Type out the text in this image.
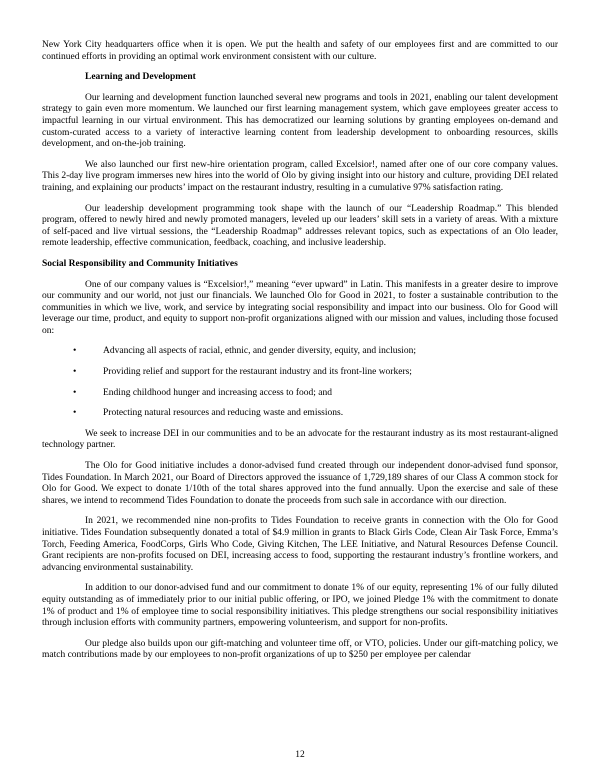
New York City headquarters office when it is open. We put the health and safety of our employees first and are committed to our continued efforts in providing an optimal work environment consistent with our culture.
Learning and Development
Our learning and development function launched several new programs and tools in 2021, enabling our talent development strategy to gain even more momentum. We launched our first learning management system, which gave employees greater access to impactful learning in our virtual environment. This has democratized our learning solutions by granting employees on-demand and custom-curated access to a variety of interactive learning content from leadership development to onboarding resources, skills development, and on-the-job training.
We also launched our first new-hire orientation program, called Excelsior!, named after one of our core company values. This 2-day live program immerses new hires into the world of Olo by giving insight into our history and culture, providing DEI related training, and explaining our products’ impact on the restaurant industry, resulting in a cumulative 97% satisfaction rating.
Our leadership development programming took shape with the launch of our “Leadership Roadmap.” This blended program, offered to newly hired and newly promoted managers, leveled up our leaders’ skill sets in a variety of areas. With a mixture of self-paced and live virtual sessions, the “Leadership Roadmap” addresses relevant topics, such as expectations of an Olo leader, remote leadership, effective communication, feedback, coaching, and inclusive leadership.
Social Responsibility and Community Initiatives
One of our company values is “Excelsior!,” meaning “ever upward” in Latin. This manifests in a greater desire to improve our community and our world, not just our financials. We launched Olo for Good in 2021, to foster a sustainable contribution to the communities in which we live, work, and service by integrating social responsibility and impact into our business. Olo for Good will leverage our time, product, and equity to support non-profit organizations aligned with our mission and values, including those focused on:
•	Advancing all aspects of racial, ethnic, and gender diversity, equity, and inclusion;
•	Providing relief and support for the restaurant industry and its front-line workers;
•	Ending childhood hunger and increasing access to food; and
•	Protecting natural resources and reducing waste and emissions.
We seek to increase DEI in our communities and to be an advocate for the restaurant industry as its most restaurant-aligned technology partner.
The Olo for Good initiative includes a donor-advised fund created through our independent donor-advised fund sponsor, Tides Foundation. In March 2021, our Board of Directors approved the issuance of 1,729,189 shares of our Class A common stock for Olo for Good. We expect to donate 1/10th of the total shares approved into the fund annually. Upon the exercise and sale of these shares, we intend to recommend Tides Foundation to donate the proceeds from such sale in accordance with our direction.
In 2021, we recommended nine non-profits to Tides Foundation to receive grants in connection with the Olo for Good initiative. Tides Foundation subsequently donated a total of $4.9 million in grants to Black Girls Code, Clean Air Task Force, Emma’s Torch, Feeding America, FoodCorps, Girls Who Code, Giving Kitchen, The LEE Initiative, and Natural Resources Defense Council. Grant recipients are non-profits focused on DEI, increasing access to food, supporting the restaurant industry’s frontline workers, and advancing environmental sustainability.
In addition to our donor-advised fund and our commitment to donate 1% of our equity, representing 1% of our fully diluted equity outstanding as of immediately prior to our initial public offering, or IPO, we joined Pledge 1% with the commitment to donate 1% of product and 1% of employee time to social responsibility initiatives. This pledge strengthens our social responsibility initiatives through inclusion efforts with community partners, empowering volunteerism, and support for non-profits.
Our pledge also builds upon our gift-matching and volunteer time off, or VTO, policies. Under our gift-matching policy, we match contributions made by our employees to non-profit organizations of up to $250 per employee per calendar
12
